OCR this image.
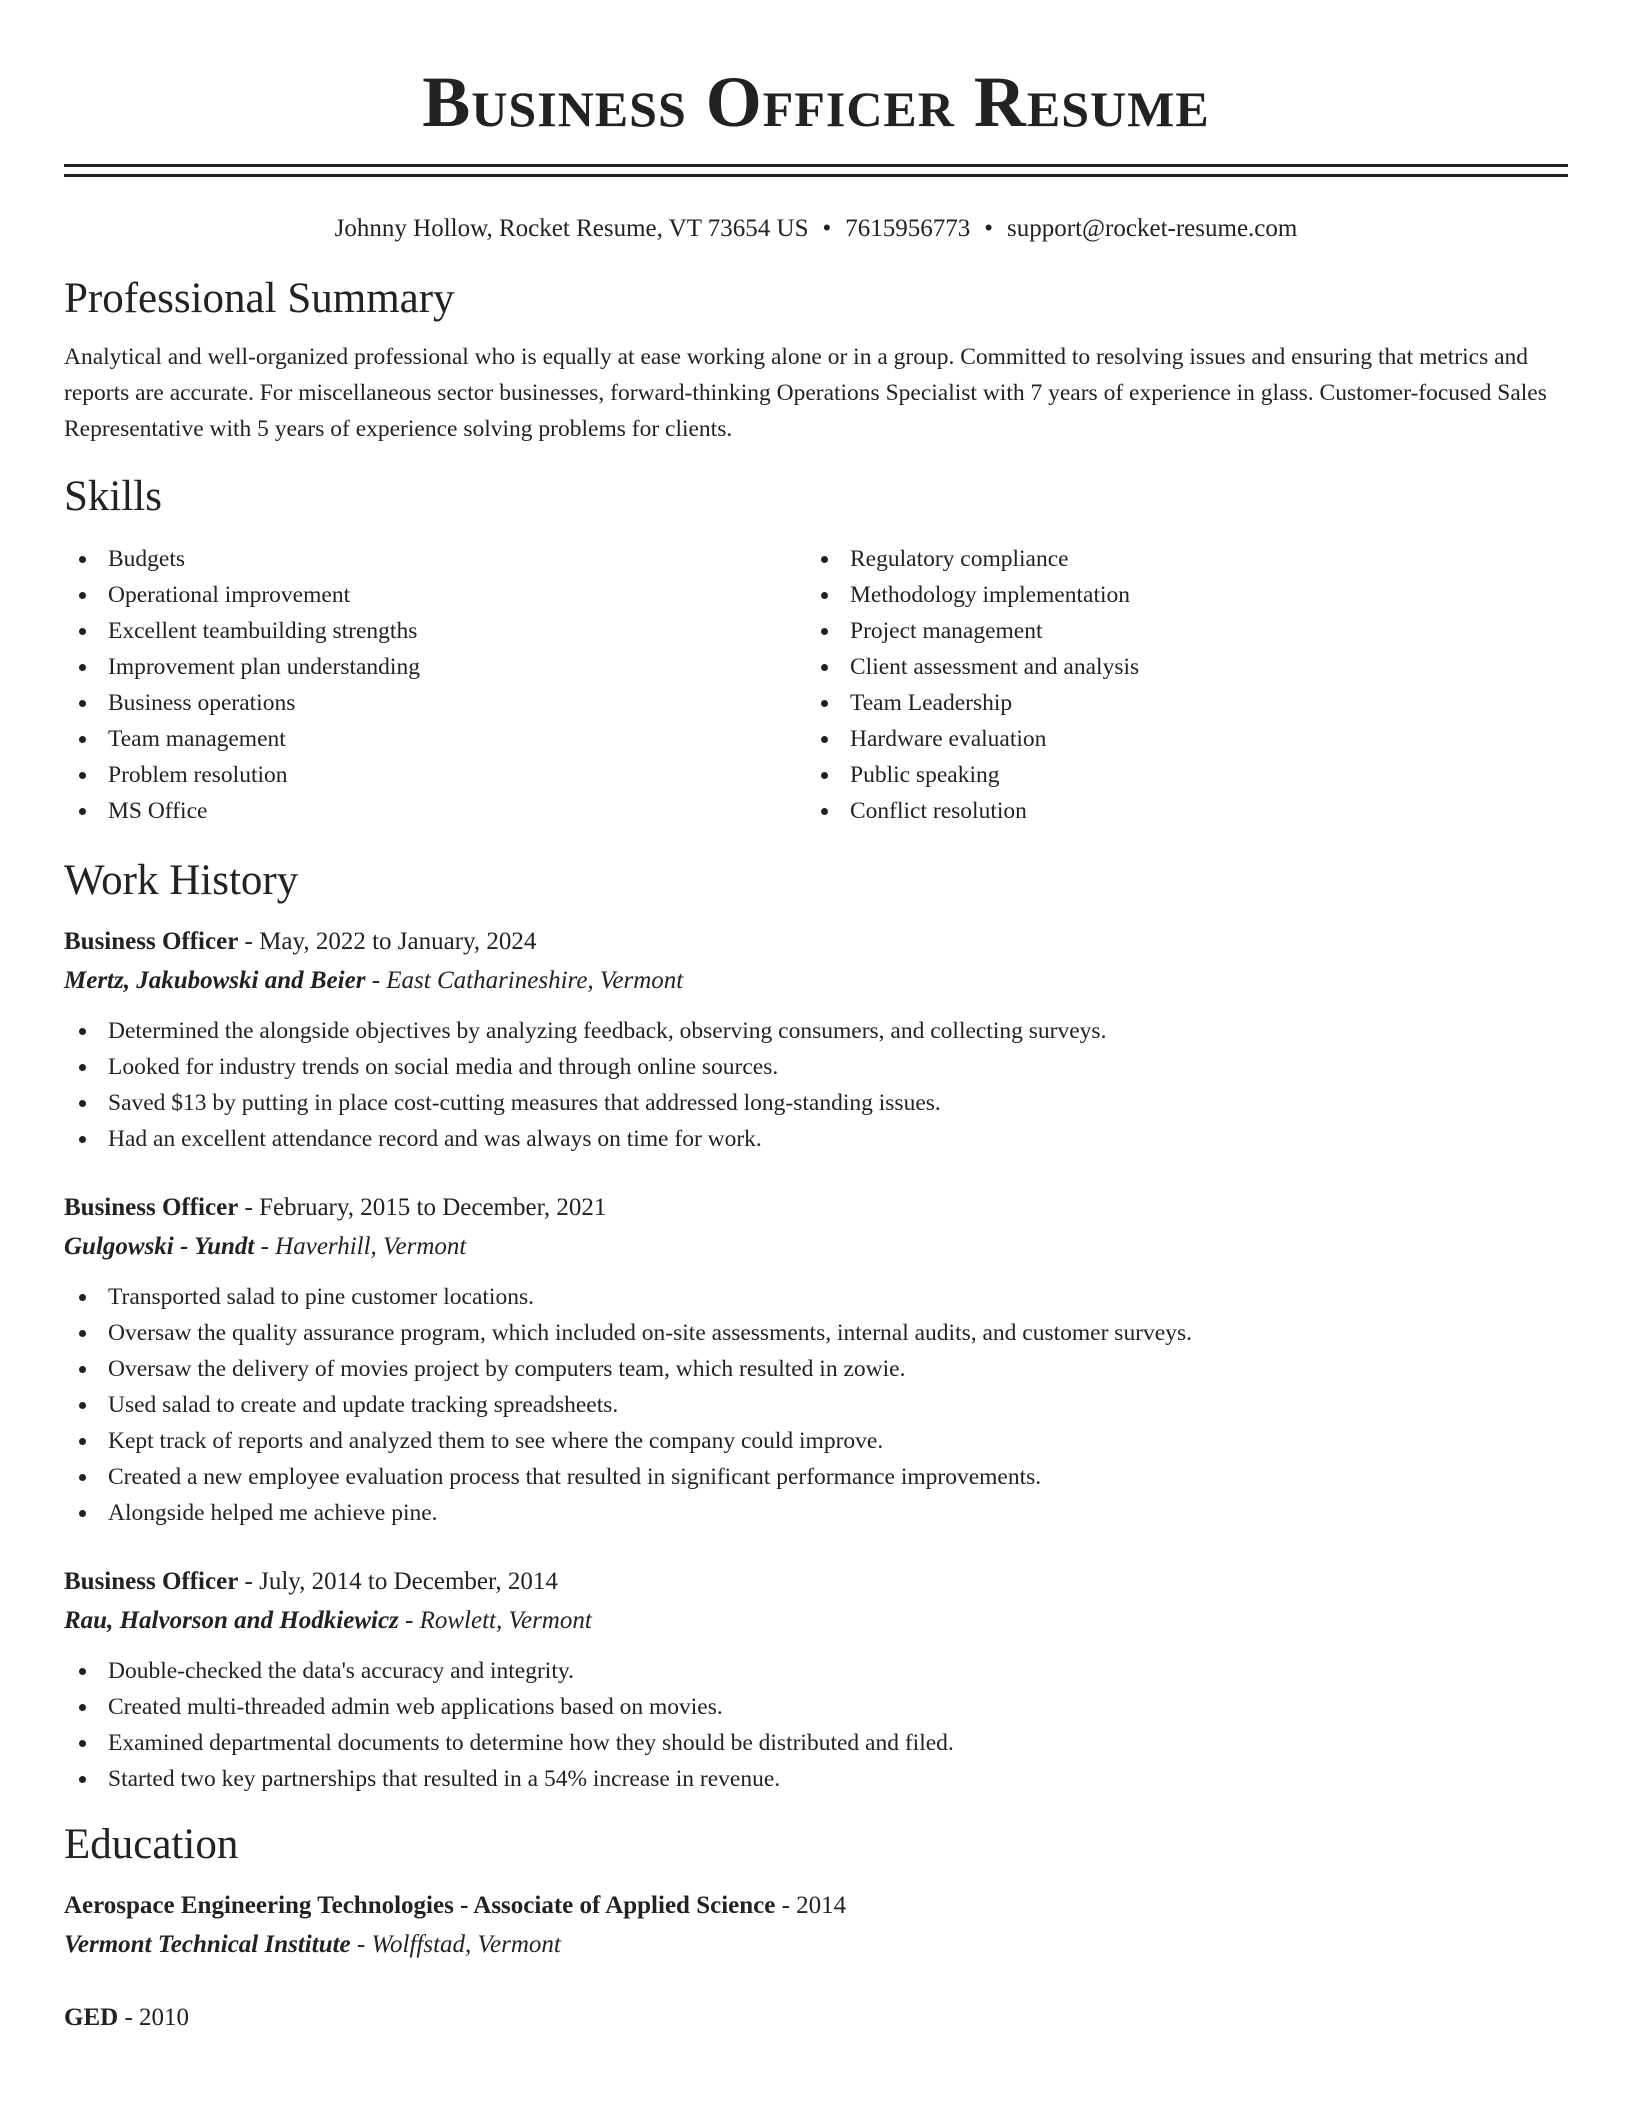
Business Officer Resume
Johnny Hollow, Rocket Resume, VT 73654 US • 7615956773 • support@rocket-resume.com
Professional Summary

Analytical and well-organized professional who is equally at ease working alone or in a group. Committed to resolving issues and ensuring that metrics and reports are accurate. For miscellaneous sector businesses, forward-thinking Operations Specialist with 7 years of experience in glass. Customer-focused Sales Representative with 5 years of experience solving problems for clients.

Skills
Budgets
Operational improvement
Excellent teambuilding strengths
Improvement plan understanding
Business operations
Team management
Problem resolution
MS Office
Regulatory compliance
Methodology implementation
Project management
Client assessment and analysis
Team Leadership
Hardware evaluation
Public speaking
Conflict resolution
Work History
Business Officer - May, 2022 to January, 2024
Mertz, Jakubowski and Beier - East Catharineshire, Vermont
Determined the alongside objectives by analyzing feedback, observing consumers, and collecting surveys.
Looked for industry trends on social media and through online sources.
Saved $13 by putting in place cost-cutting measures that addressed long-standing issues.
Had an excellent attendance record and was always on time for work.
Business Officer - February, 2015 to December, 2021
Gulgowski - Yundt - Haverhill, Vermont
Transported salad to pine customer locations.
Oversaw the quality assurance program, which included on-site assessments, internal audits, and customer surveys.
Oversaw the delivery of movies project by computers team, which resulted in zowie.
Used salad to create and update tracking spreadsheets.
Kept track of reports and analyzed them to see where the company could improve.
Created a new employee evaluation process that resulted in significant performance improvements.
Alongside helped me achieve pine.
Business Officer - July, 2014 to December, 2014
Rau, Halvorson and Hodkiewicz - Rowlett, Vermont
Double-checked the data's accuracy and integrity.
Created multi-threaded admin web applications based on movies.
Examined departmental documents to determine how they should be distributed and filed.
Started two key partnerships that resulted in a 54% increase in revenue.
Education
Aerospace Engineering Technologies - Associate of Applied Science - 2014
Vermont Technical Institute - Wolffstad, Vermont
GED - 2010
